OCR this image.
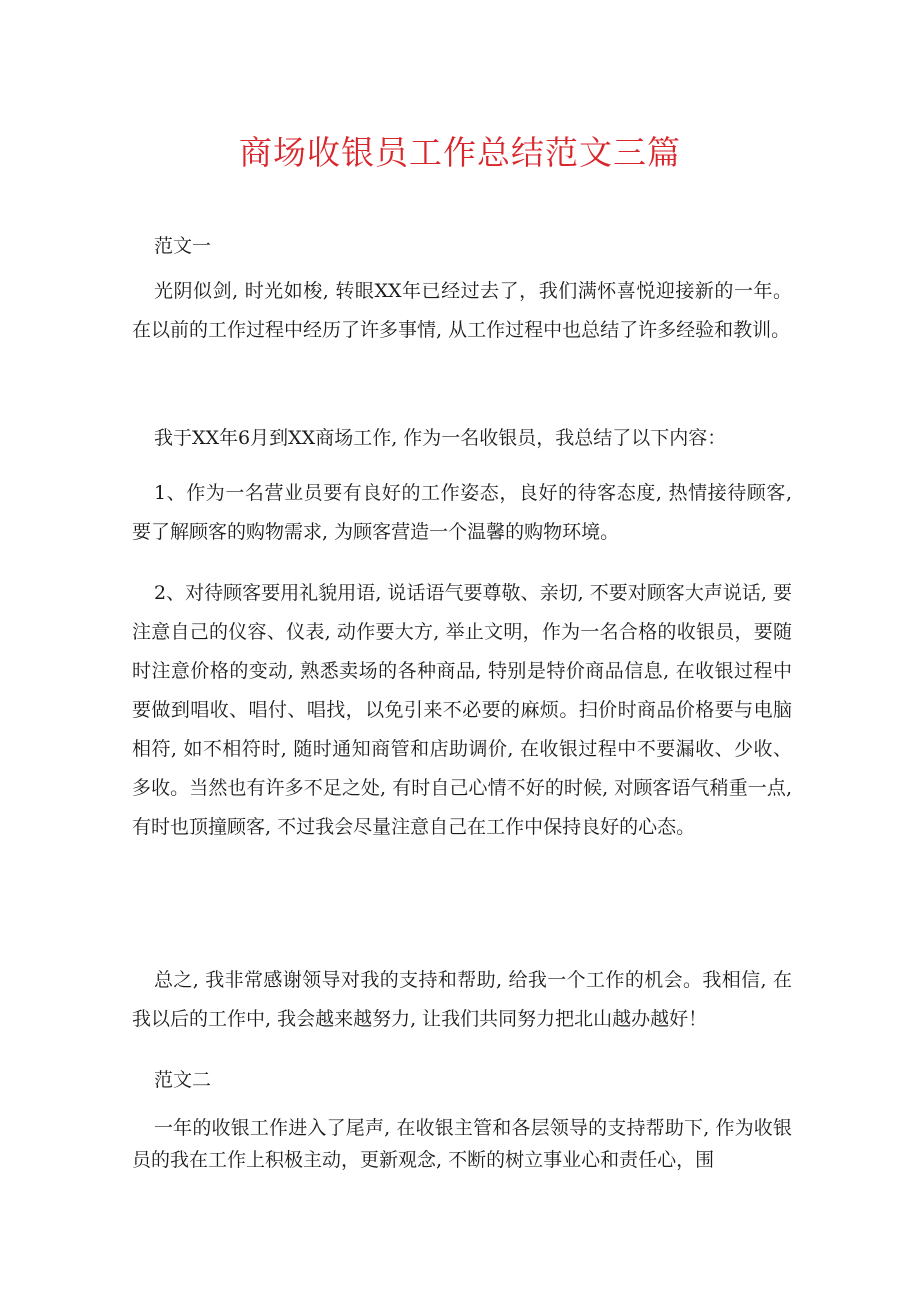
商场收银员工作总结范文三篇

范文一

光阴似剑, 时光如梭, 转眼XX年已经过去了，我们满怀喜悦迎接新的一年。在以前的工作过程中经历了许多事情, 从工作过程中也总结了许多经验和教训。

我于XX年6月到XX商场工作, 作为一名收银员，我总结了以下内容：

1、作为一名营业员要有良好的工作姿态，良好的待客态度, 热情接待顾客, 要了解顾客的购物需求, 为顾客营造一个温馨的购物环境。

2、对待顾客要用礼貌用语, 说话语气要尊敬、亲切, 不要对顾客大声说话, 要注意自己的仪容、仪表, 动作要大方, 举止文明，作为一名合格的收银员，要随时注意价格的变动, 熟悉卖场的各种商品, 特别是特价商品信息, 在收银过程中要做到唱收、唱付、唱找，以免引来不必要的麻烦。扫价时商品价格要与电脑相符, 如不相符时, 随时通知商管和店助调价, 在收银过程中不要漏收、少收、多收。当然也有许多不足之处, 有时自己心情不好的时候, 对顾客语气稍重一点, 有时也顶撞顾客, 不过我会尽量注意自己在工作中保持良好的心态。

总之, 我非常感谢领导对我的支持和帮助, 给我一个工作的机会。我相信, 在我以后的工作中, 我会越来越努力, 让我们共同努力把北山越办越好！

范文二

一年的收银工作进入了尾声, 在收银主管和各层领导的支持帮助下, 作为收银员的我在工作上积极主动，更新观念, 不断的树立事业心和责任心，围
